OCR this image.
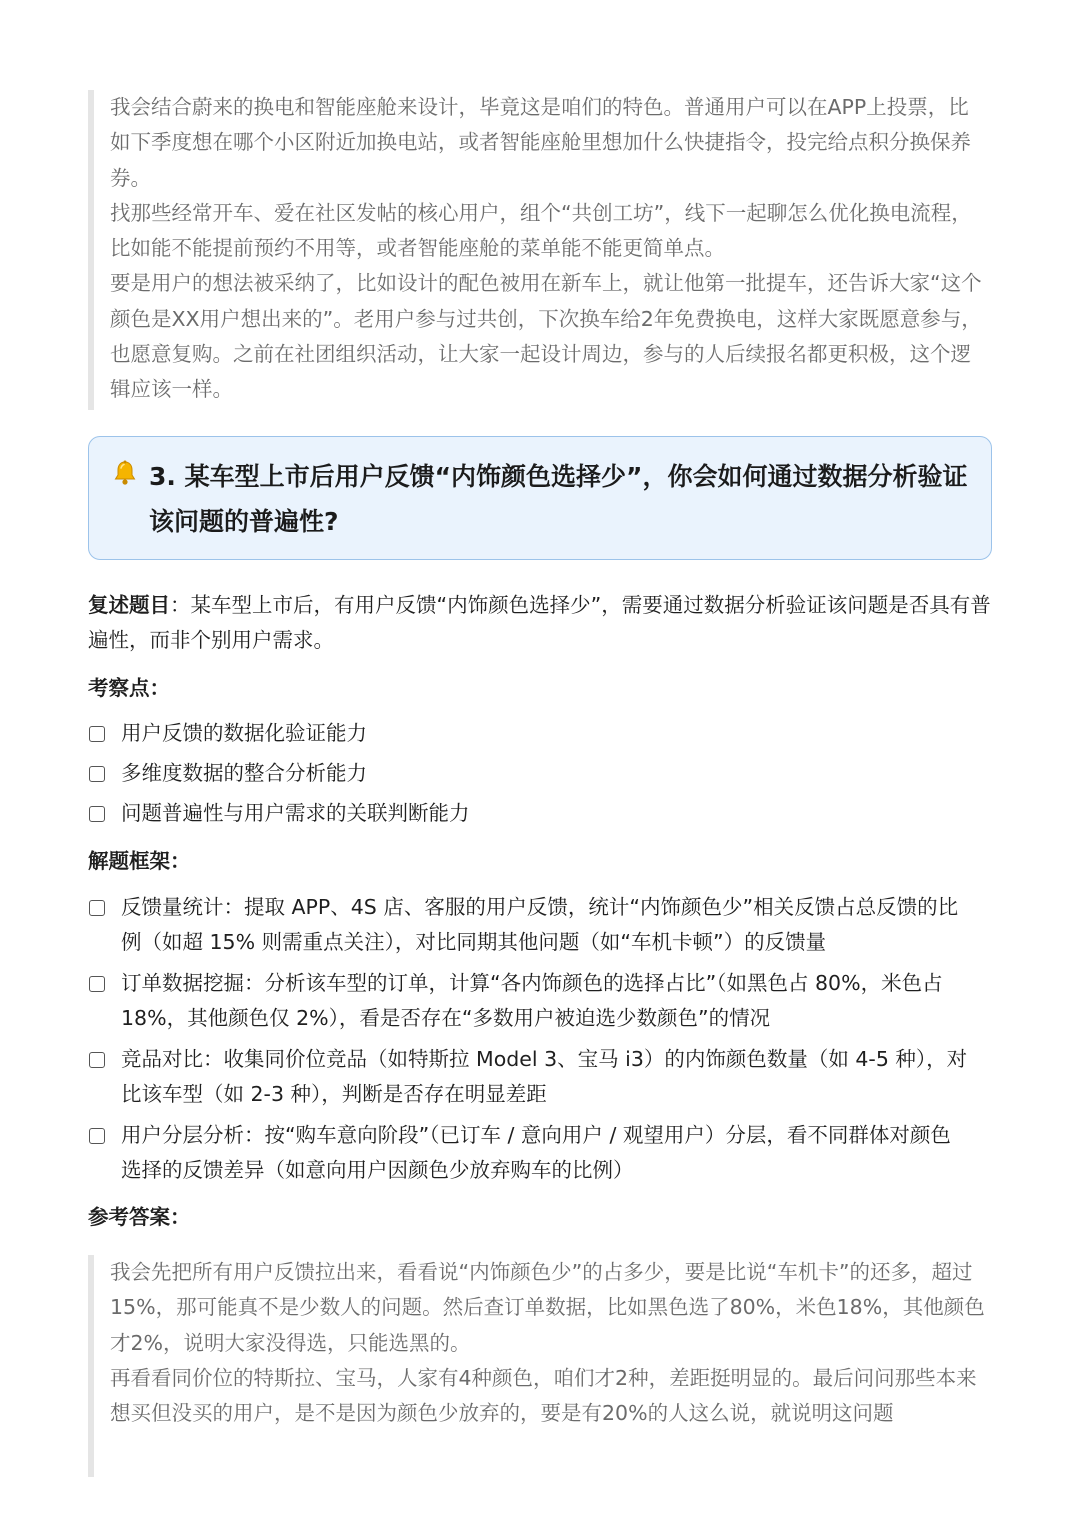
我会结合蔚来的换电和智能座舱来设计，毕竟这是咱们的特色。普通用户可以在APP上投票，比如下季度想在哪个小区附近加换电站，或者智能座舱里想加什么快捷指令，投完给点积分换保养券。

找那些经常开车、爱在社区发帖的核心用户，组个“共创工坊”，线下一起聊怎么优化换电流程，比如能不能提前预约不用等，或者智能座舱的菜单能不能更简单点。

要是用户的想法被采纳了，比如设计的配色被用在新车上，就让他第一批提车，还告诉大家“这个颜色是XX用户想出来的”。老用户参与过共创，下次换车给2年免费换电，这样大家既愿意参与，也愿意复购。之前在社团组织活动，让大家一起设计周边，参与的人后续报名都更积极，这个逻辑应该一样。

3. 某车型上市后用户反馈“内饰颜色选择少”，你会如何通过数据分析验证该问题的普遍性?

复述题目：某车型上市后，有用户反馈“内饰颜色选择少”，需要通过数据分析验证该问题是否具有普遍性，而非个别用户需求。

考察点：

用户反馈的数据化验证能力

多维度数据的整合分析能力

问题普遍性与用户需求的关联判断能力

解题框架：

反馈量统计：提取 APP、4S 店、客服的用户反馈，统计“内饰颜色少”相关反馈占总反馈的比例（如超 15% 则需重点关注），对比同期其他问题（如“车机卡顿”）的反馈量

订单数据挖掘：分析该车型的订单，计算“各内饰颜色的选择占比”（如黑色占 80%，米色占 18%，其他颜色仅 2%），看是否存在“多数用户被迫选少数颜色”的情况

竞品对比：收集同价位竞品（如特斯拉 Model 3、宝马 i3）的内饰颜色数量（如 4-5 种），对比该车型（如 2-3 种），判断是否存在明显差距

用户分层分析：按“购车意向阶段”（已订车 / 意向用户 / 观望用户）分层，看不同群体对颜色选择的反馈差异（如意向用户因颜色少放弃购车的比例）

参考答案：

我会先把所有用户反馈拉出来，看看说“内饰颜色少”的占多少，要是比说“车机卡”的还多，超过15%，那可能真不是少数人的问题。然后查订单数据，比如黑色选了80%，米色18%，其他颜色才2%，说明大家没得选，只能选黑的。

再看看同价位的特斯拉、宝马，人家有4种颜色，咱们才2种，差距挺明显的。最后问问那些本来想买但没买的用户，是不是因为颜色少放弃的，要是有20%的人这么说，就说明这问题
